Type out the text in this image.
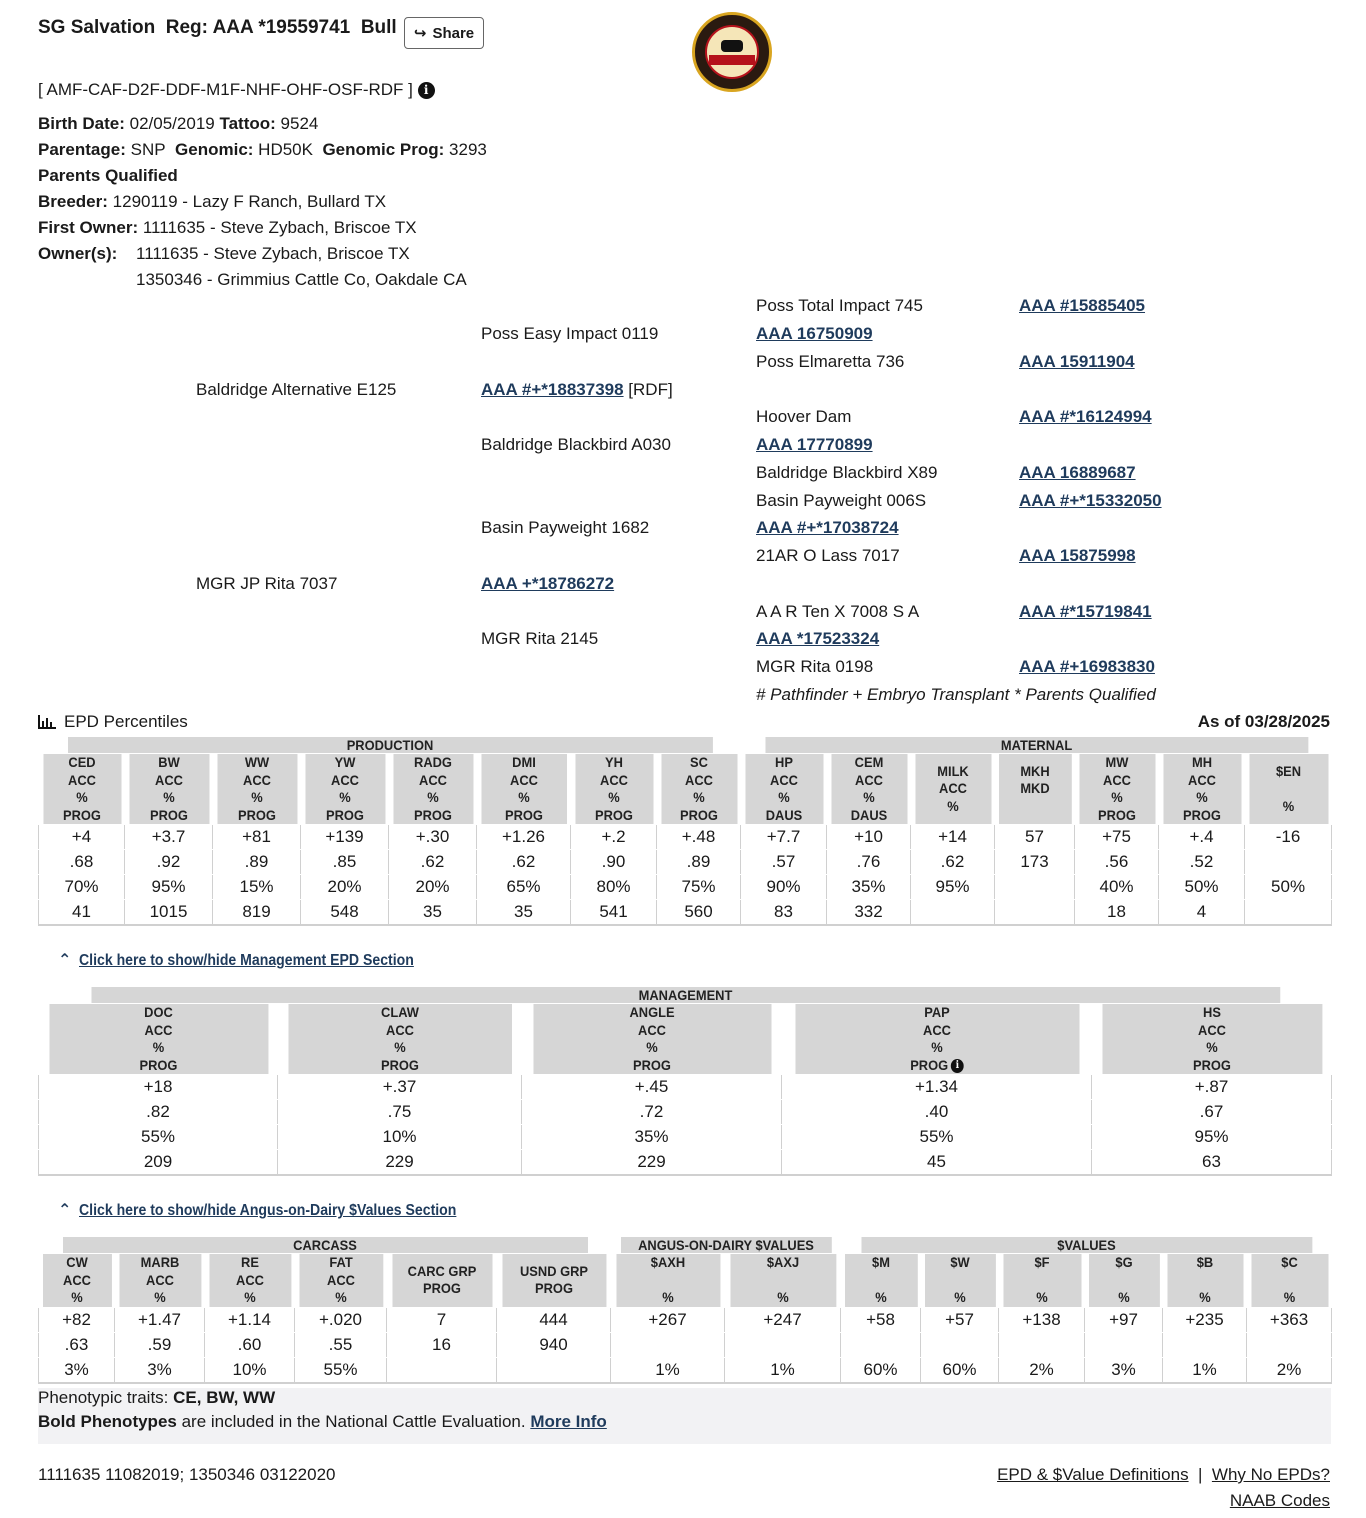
SG Salvation Reg: AAA *19559741 Bull ↪ Share
[ AMF-CAF-D2F-DDF-M1F-NHF-OHF-OSF-RDF ] i
Birth Date: 02/05/2019 Tattoo: 9524
Parentage: SNP Genomic: HD50K Genomic Prog: 3293
Parents Qualified
Breeder: 1290119 - Lazy F Ranch, Bullard TX
First Owner: 1111635 - Steve Zybach, Briscoe TX
Owner(s): 1111635 - Steve Zybach, Briscoe TX
1350346 - Grimmius Cattle Co, Oakdale CA
Baldridge Alternative E125	AAA #+*18837398 [RDF]
MGR JP Rita 7037	AAA +*18786272
Poss Easy Impact 0119	AAA 16750909
Baldridge Blackbird A030	AAA 17770899
Basin Payweight 1682	AAA #+*17038724
MGR Rita 2145	AAA *17523324
Poss Total Impact 745	AAA #15885405
Poss Elmaretta 736	AAA 15911904
Hoover Dam	AAA #*16124994
Baldridge Blackbird X89	AAA 16889687
Basin Payweight 006S	AAA #+*15332050
21AR O Lass 7017	AAA 15875998
A A R Ten X 7008 S A	AAA #*15719841
MGR Rita 0198	AAA #+16983830
# Pathfinder + Embryo Transplant * Parents Qualified
EPD Percentiles	As of 03/28/2025
PRODUCTION								MATERNAL						
CED
ACC
%
PROG	BW
ACC
%
PROG	WW
ACC
%
PROG	YW
ACC
%
PROG	RADG
ACC
%
PROG	DMI
ACC
%
PROG	YH
ACC
%
PROG	SC
ACC
%
PROG	HP
ACC
%
DAUS	CEM
ACC
%
DAUS	MILK
ACC
%	MKH
MKD	MW
ACC
%
PROG	MH
ACC
%
PROG	$EN

%

+4	+3.7	+81	+139	+.30	+1.26	+.2	+.48	+7.7	+10	+14	57	+75	+.4	-16
.68	.92	.89	.85	.62	.62	.90	.89	.57	.76	.62	173	.56	.52	
70%	95%	15%	20%	20%	65%	80%	75%	90%	35%	95%		40%	50%	50%
41	1015	819	548	35	35	541	560	83	332			18	4	
⌃ Click here to show/hide Management EPD Section
MANAGEMENT				
DOC
ACC
%
PROG	CLAW
ACC
%
PROG	ANGLE
ACC
%
PROG	PAP
ACC
%
PROG i	HS
ACC
%
PROG
+18	+.37	+.45	+1.34	+.87
.82	.75	.72	.40	.67
55%	10%	35%	55%	95%
209	229	229	45	63
⌃ Click here to show/hide Angus-on-Dairy $Values Section
CARCASS						ANGUS-ON-DAIRY $VALUES		$VALUES					
CW
ACC
%	MARB
ACC
%	RE
ACC
%	FAT
ACC
%	CARC GRP
PROG	USND GRP
PROG	$AXH

%	$AXJ

%	$M

%	$W

%	$F

%	$G

%	$B

%	$C

%
+82	+1.47	+1.14	+.020	7	444	+267	+247	+58	+57	+138	+97	+235	+363
.63	.59	.60	.55	16	940								
3%	3%	10%	55%			1%	1%	60%	60%	2%	3%	1%	2%
Phenotypic traits: CE, BW, WW
Bold Phenotypes are included in the National Cattle Evaluation. More Info
1111635 11082019; 1350346 03122020	EPD & $Value Definitions | Why No EPDs?
NAAB Codes
